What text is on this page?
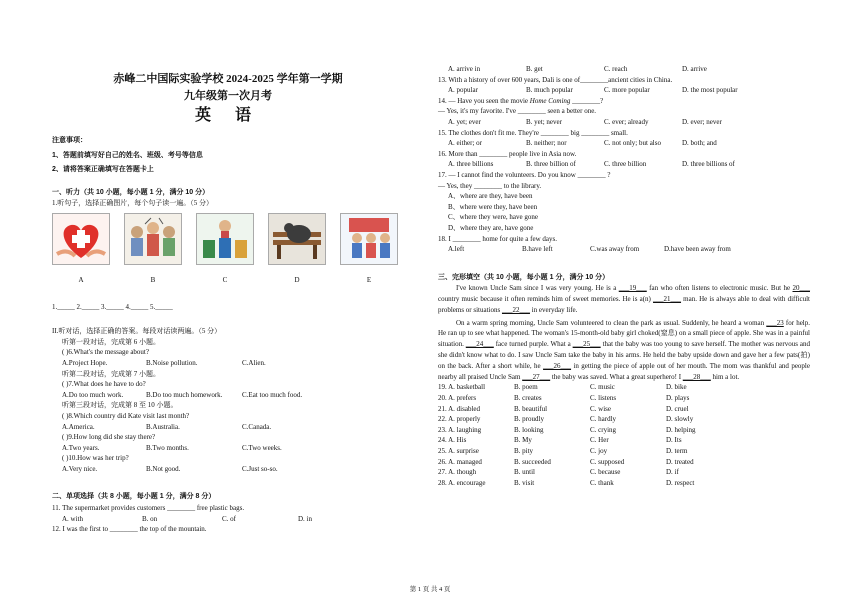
赤峰二中国际实验学校 2024-2025 学年第一学期
九年级第一次月考
英 语
注意事项：
1、答题前填写好自己的姓名、班级、考号等信息
2、请将答案正确填写在答题卡上
一、听力（共 10 小题，每小题 1 分，满分 10 分）
1.听句子，选择正确图片，每个句子读一遍。（5 分）
A	B	C	D	E
1._____ 2._____ 3._____ 4._____ 5._____
II.听对话，选择正确的答案。每段对话读两遍。（5 分）
听第一段对话，完成第 6 小题。
( )6.What's the message about?
A.Project Hope.	B.Noise pollution.	C.Alien.
听第二段对话，完成第 7 小题。
( )7.What does he have to do?
A.Do too much work.	B.Do too much homework.	C.Eat too much food.
听第三段对话，完成第 8 至 10 小题。
( )8.Which country did Kate visit last month?
A.America.	B.Australia.	C.Canada.
( )9.How long did she stay there?
A.Two years.	B.Two months.	C.Two weeks.
( )10.How was her trip?
A.Very nice.	B.Not good.	C.Just so-so.
二、单项选择（共 8 小题，每小题 1 分，满分 8 分）
11. The supermarket provides customers ________ free plastic bags.
A. with	B. on	C. of	D. in
12. I was the first to ________ the top of the mountain.
A. arrive in	B. get	C. reach	D. arrive
13. With a history of over 600 years, Dali is one of________ancient cities in China.
A. popular	B. much popular	C. more popular	D. the most popular
14. — Have you seen the movie Home Coming ________?
— Yes, it's my favorite. I've ________ seen a better one.
A. yet; ever	B. yet; never	C. ever; already	D. ever; never
15. The clothes don't fit me. They're ________ big ________ small.
A. either; or	B. neither; nor	C. not only; but also	D. both; and
16. More than ________ people live in Asia now.
A. three billions	B. three billion of	C. three billion	D. three billions of
17. — I cannot find the volunteers. Do you know ________ ?
— Yes, they ________ to the library.
A、where are they, have been
B、where were they, have been
C、where they were, have gone
D、where they are, have gone
18. I ________ home for quite a few days.
A.left	B.have left	C.was away from	D.have been away from
三、完形填空（共 10 小题，每小题 1 分，满分 10 分）
I've known Uncle Sam since I was very young. He is a ___19___ fan who often listens to electronic music. But he 20___ country music because it often reminds him of sweet memories. He is a(n) ___21___ man. He is always able to deal with difficult problems or situations ___22___ in everyday life.
On a warm spring morning, Uncle Sam volunteered to clean the park as usual. Suddenly, he heard a woman ___23 for help. He ran up to see what happened. The woman's 15-month-old baby girl choked(窒息) on a small piece of apple. She was in a painful situation. ___24___ face turned purple. What a ___25___ that the baby was too young to save herself. The mother was nervous and she didn't know what to do. I saw Uncle Sam take the baby in his arms. He held the baby upside down and gave her a few pats(拍) on the back. After a short while, he ___26___ in getting the piece of apple out of her mouth. The mom was thankful and people nearby all praised Uncle Sam ___27___ the baby was saved. What a great superhero! I ___28___ him a lot.
19. A. basketball	B. poem	C. music	D. bike
20. A. prefers	B. creates	C. listens	D. plays
21. A. disabled	B. beautiful	C. wise	D. cruel
22. A. properly	B. proudly	C. hardly	D. slowly
23. A. laughing	B. looking	C. crying	D. helping
24. A. His	B. My	C. Her	D. Its
25. A. surprise	B. pity	C. joy	D. term
26. A. managed	B. succeeded	C. supposed	D. treated
27. A. though	B. until	C. because	D. if
28. A. encourage	B. visit	C. thank	D. respect
第 1 页 共 4 页
